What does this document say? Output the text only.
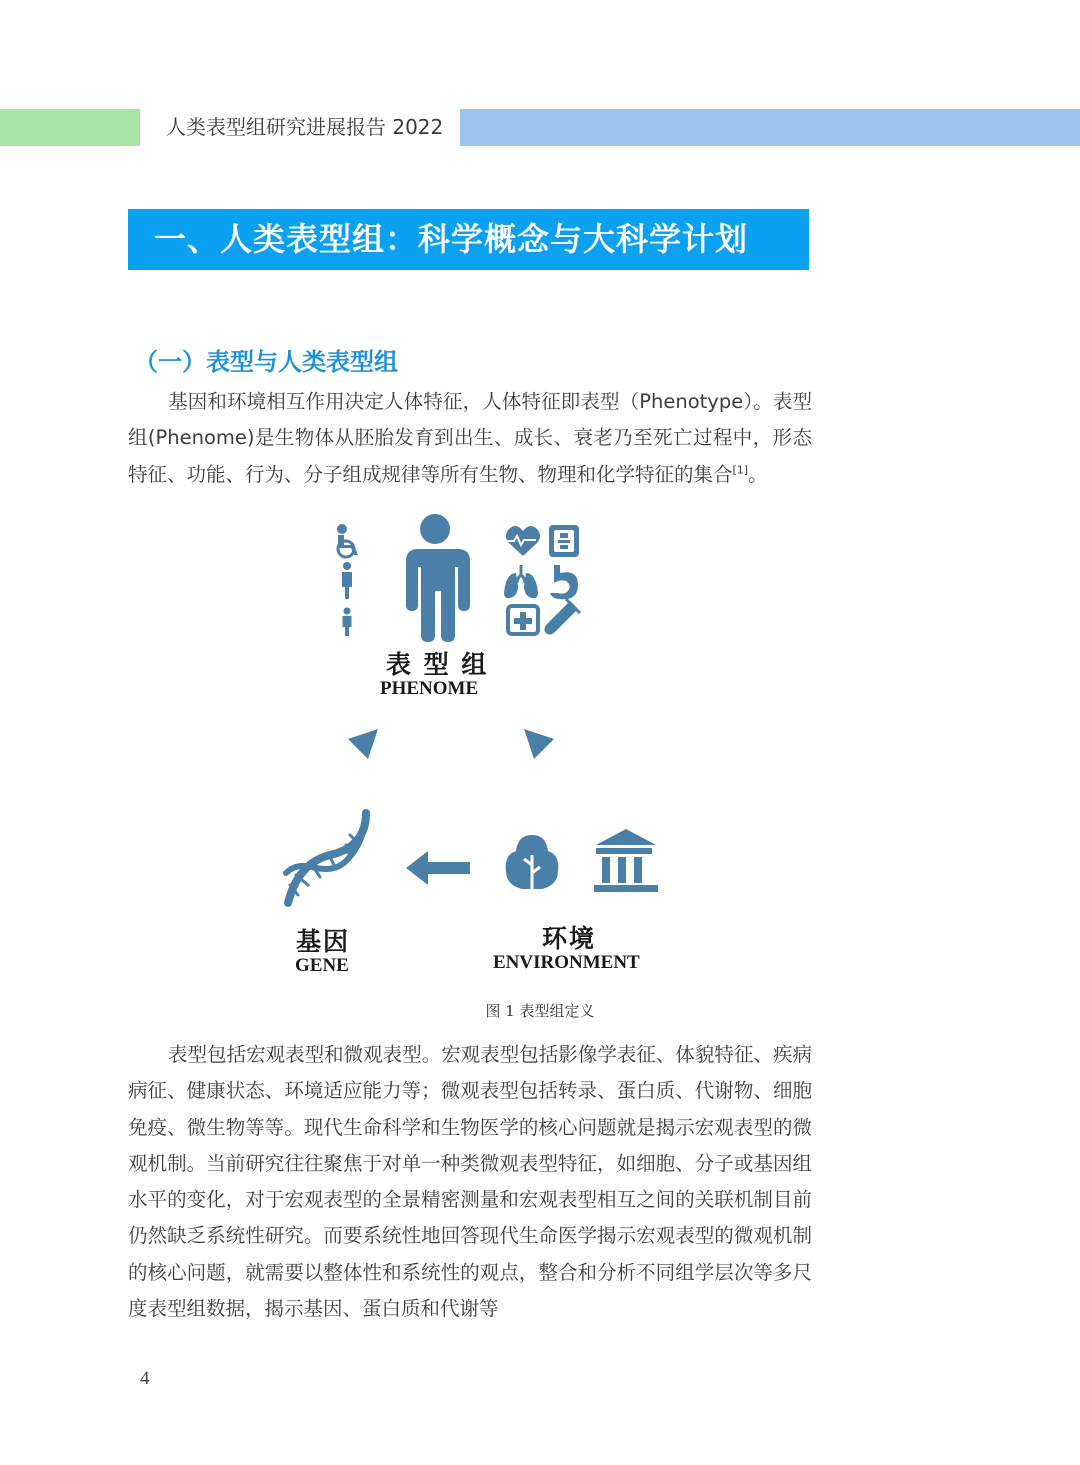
人类表型组研究进展报告 2022
一、人类表型组：科学概念与大科学计划
（一）表型与人类表型组

基因和环境相互作用决定人体特征，人体特征即表型（Phenotype）。表型组(Phenome)是生物体从胚胎发育到出生、成长、衰老乃至死亡过程中，形态特征、功能、行为、分子组成规律等所有生物、物理和化学特征的集合[1]。

表 型 组
PHENOME
基因
GENE
环境
ENVIRONMENT
图 1 表型组定义

表型包括宏观表型和微观表型。宏观表型包括影像学表征、体貌特征、疾病病征、健康状态、环境适应能力等；微观表型包括转录、蛋白质、代谢物、细胞免疫、微生物等等。现代生命科学和生物医学的核心问题就是揭示宏观表型的微观机制。当前研究往往聚焦于对单一种类微观表型特征，如细胞、分子或基因组水平的变化，对于宏观表型的全景精密测量和宏观表型相互之间的关联机制目前仍然缺乏系统性研究。而要系统性地回答现代生命医学揭示宏观表型的微观机制的核心问题，就需要以整体性和系统性的观点，整合和分析不同组学层次等多尺度表型组数据，揭示基因、蛋白质和代谢等

4
